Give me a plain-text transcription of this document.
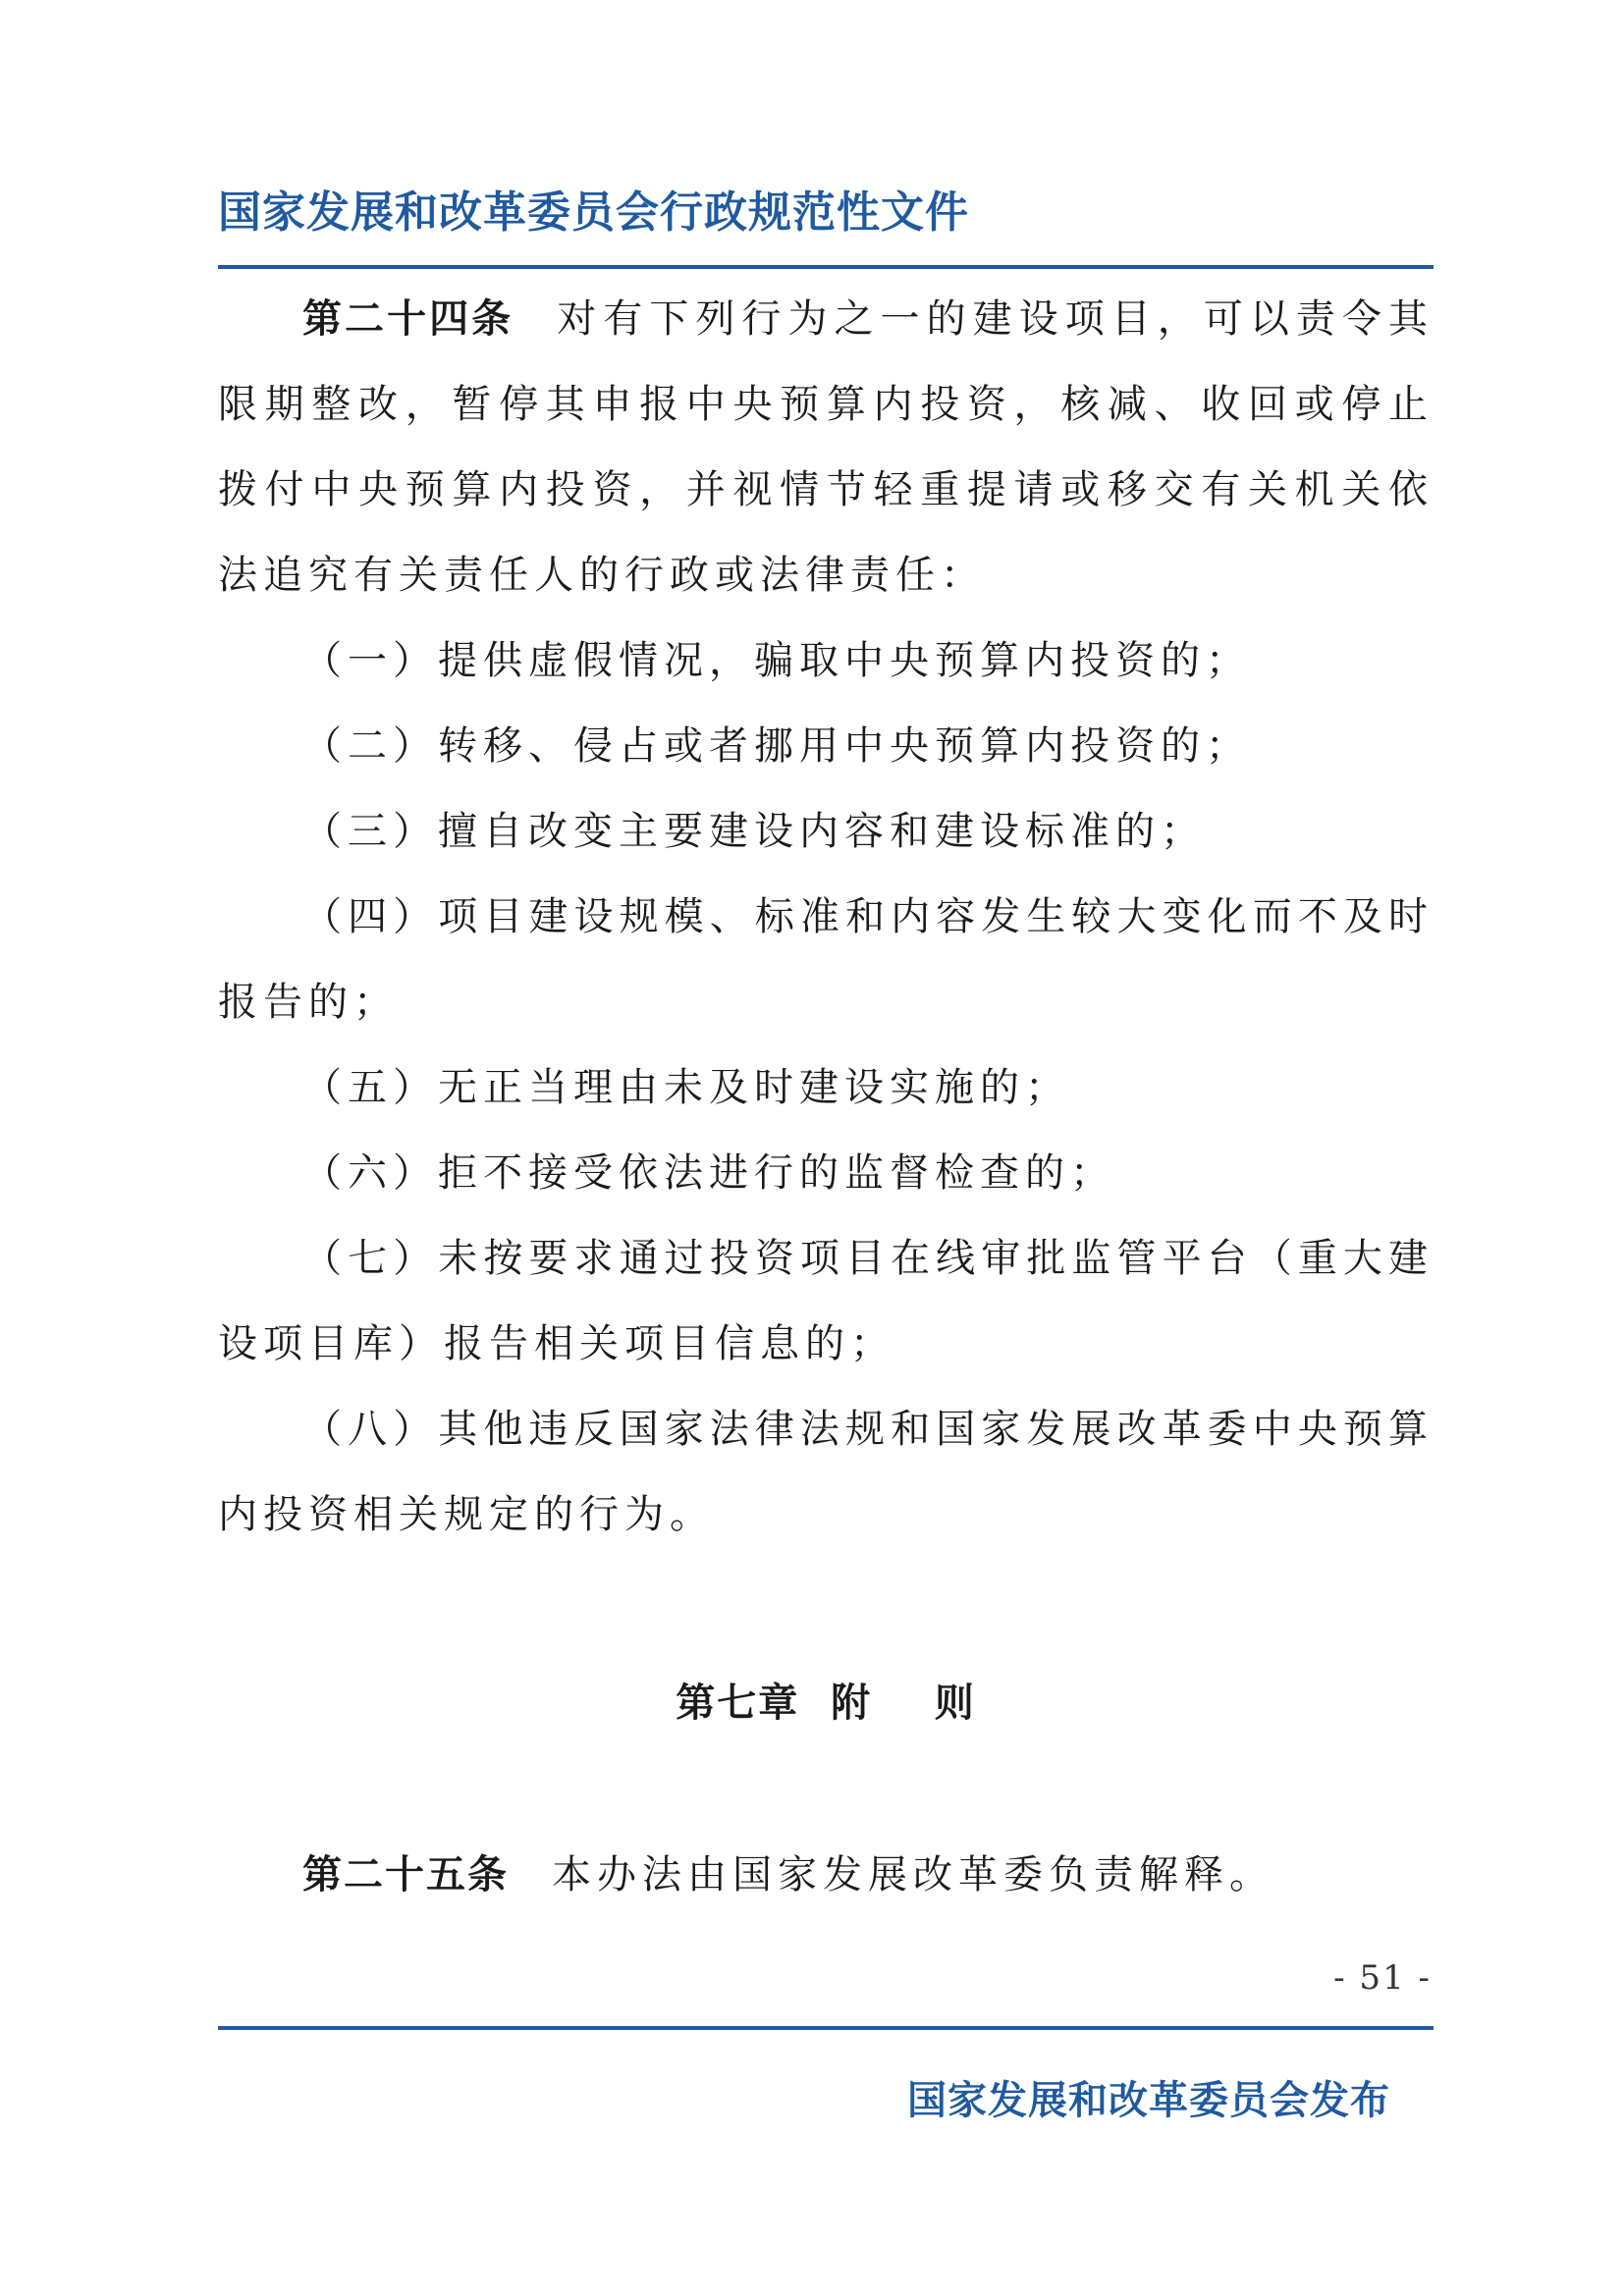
国家发展和改革委员会行政规范性文件

第二十四条 对有下列行为之一的建设项目，可以责令其限期整改，暂停其申报中央预算内投资，核减、收回或停止拨付中央预算内投资，并视情节轻重提请或移交有关机关依法追究有关责任人的行政或法律责任：

（一）提供虚假情况，骗取中央预算内投资的；

（二）转移、侵占或者挪用中央预算内投资的；

（三）擅自改变主要建设内容和建设标准的；

（四）项目建设规模、标准和内容发生较大变化而不及时报告的；

（五）无正当理由未及时建设实施的；

（六）拒不接受依法进行的监督检查的；

（七）未按要求通过投资项目在线审批监管平台（重大建设项目库）报告相关项目信息的；

（八）其他违反国家法律法规和国家发展改革委中央预算内投资相关规定的行为。

第七章  附    则

第二十五条 本办法由国家发展改革委负责解释。

- 51 -
国家发展和改革委员会发布
